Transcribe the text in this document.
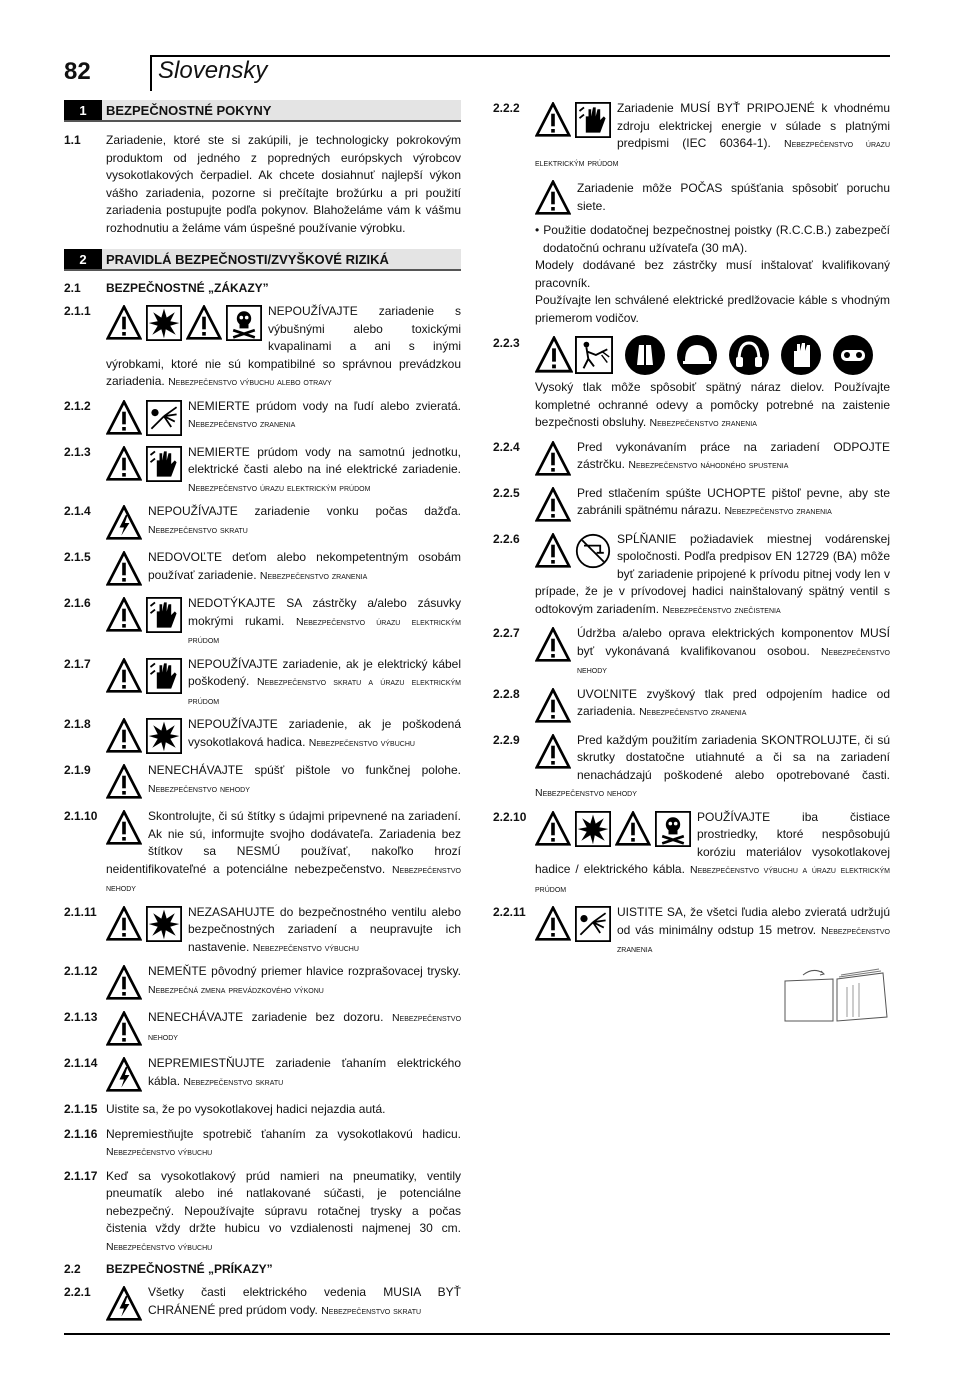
82	Slovensky
1	BEZPEČNOSTNÉ POKYNY
1.1	Zariadenie, ktoré ste si zakúpili, je technologicky pokrokovým produktom od jedného z popredných európskych výrobcov vysokotlakových čerpadiel. Ak chcete dosiahnuť najlepší výkon vášho zariadenia, pozorne si prečítajte brožúrku a pri použití zariadenia postupujte podľa pokynov. Blahoželáme vám k vášmu rozhodnutiu a želáme vám úspešné používanie výrobku.
2	PRAVIDLÁ BEZPEČNOSTI/ZVYŠKOVÉ RIZIKÁ
2.1	BEZPEČNOSTNÉ „ZÁKAZY”
2.1.1	NEPOUŽÍVAJTE zariadenie s výbušnými alebo toxickými kvapalinami a ani s inými výrobkami, ktoré nie sú kompatibilné so správnou prevádzkou zariadenia. Nebezpečenstvo výbuchu alebo otravy
2.1.2	NEMIERTE prúdom vody na ľudí alebo zvieratá. Nebezpečenstvo zranenia
2.1.3	NEMIERTE prúdom vody na samotnú jednotku, elektrické časti alebo na iné elektrické zariadenie. Nebezpečenstvo úrazu elektrickým prúdom
2.1.4	NEPOUŽÍVAJTE zariadenie vonku počas dažďa. Nebezpečenstvo skratu
2.1.5	NEDOVOĽTE deťom alebo nekompetentným osobám používať zariadenie. Nebezpečenstvo zranenia
2.1.6	NEDOTÝKAJTE SA zástrčky a/alebo zásuvky mokrými rukami. Nebezpečenstvo úrazu elektrickým prúdom
2.1.7	NEPOUŽÍVAJTE zariadenie, ak je elektrický kábel poškodený. Nebezpečenstvo skratu a úrazu elektrickým prúdom
2.1.8	NEPOUŽÍVAJTE zariadenie, ak je poškodená vysokotlaková hadica. Nebezpečenstvo výbuchu
2.1.9	NENECHÁVAJTE spúšť pištole vo funkčnej polohe. Nebezpečenstvo nehody
2.1.10	Skontrolujte, či sú štítky s údajmi pripevnené na zariadení. Ak nie sú, informujte svojho dodávateľa. Zariadenia bez štítkov sa NESMÚ používať, nakoľko hrozí neidentifikovateľné a potenciálne nebezpečenstvo. Nebezpečenstvo nehody
2.1.11	NEZASAHUJTE do bezpečnostného ventilu alebo bezpečnostných zariadení a neupravujte ich nastavenie. Nebezpečenstvo výbuchu
2.1.12	NEMEŇTE pôvodný priemer hlavice rozprašovacej trysky. Nebezpečná zmena prevádzkového výkonu
2.1.13	NENECHÁVAJTE zariadenie bez dozoru. Nebezpečenstvo nehody
2.1.14	NEPREMIESTŇUJTE zariadenie ťahaním elektrického kábla. Nebezpečenstvo skratu
2.1.15 Uistite sa, že po vysokotlakovej hadici nejazdia autá.
2.1.16 Nepremiestňujte spotrebič ťahaním za vysokotlakovú hadicu. Nebezpečenstvo výbuchu
2.1.17 Keď sa vysokotlakový prúd namieri na pneumatiky, ventily pneumatík alebo iné natlakované súčasti, je potenciálne nebezpečný. Nepoužívajte súpravu rotačnej trysky a počas čistenia vždy držte hubicu vo vzdialenosti najmenej 30 cm. Nebezpečenstvo výbuchu
2.2	BEZPEČNOSTNÉ „PRÍKAZY”
2.2.1	Všetky časti elektrického vedenia MUSIA BYŤ CHRÁNENÉ pred prúdom vody. Nebezpečenstvo skratu
2.2.2	Zariadenie MUSÍ BYŤ PRIPOJENÉ k vhodnému zdroju elektrickej energie v súlade s platnými predpismi (IEC 60364-1). Nebezpečenstvo úrazu elektrickým prúdom
Zariadenie môže POČAS spúšťania spôsobiť poruchu siete.
• Použitie dodatočnej bezpečnostnej poistky (R.C.C.B.) zabezpečí dodatočnú ochranu užívateľa (30 mA).
Modely dodávané bez zástrčky musí inštalovať kvalifikovaný pracovník.
Používajte len schválené elektrické predlžovacie káble s vhodným priemerom vodičov.
2.2.3
Vysoký tlak môže spôsobiť spätný náraz dielov. Používajte kompletné ochranné odevy a pomôcky potrebné na zaistenie bezpečnosti obsluhy. Nebezpečenstvo zranenia
2.2.4	Pred vykonávaním práce na zariadení ODPOJTE zástrčku. Nebezpečenstvo náhodného spustenia
2.2.5	Pred stlačením spúšte UCHOPTE pištoľ pevne, aby ste zabránili spätnému nárazu. Nebezpečenstvo zranenia
2.2.6	SPĹŇANIE požiadaviek miestnej vodárenskej spoločnosti. Podľa predpisov EN 12729 (BA) môže byť zariadenie pripojené k prívodu pitnej vody len v prípade, že je v prívodovej hadici nainštalovaný spätný ventil s odtokovým zariadením. Nebezpečenstvo znečistenia
2.2.7	Údržba a/alebo oprava elektrických komponentov MUSÍ byť vykonávaná kvalifikovanou osobou. Nebezpečenstvo nehody
2.2.8	UVOĽNITE zvyškový tlak pred odpojením hadice od zariadenia. Nebezpečenstvo zranenia
2.2.9	Pred každým použitím zariadenia SKONTROLUJTE, či sú skrutky dostatočne utiahnuté a či sa na zariadení nenachádzajú poškodené alebo opotrebované časti. Nebezpečenstvo nehody
2.2.10	POUŽÍVAJTE iba čistiace prostriedky, ktoré nespôsobujú koróziu materiálov vysokotlakovej hadice / elektrického kábla. Nebezpečenstvo výbuchu a úrazu elektrickým prúdom
2.2.11	UISTITE SA, že všetci ľudia alebo zvieratá udržujú od vás minimálny odstup 15 metrov. Nebezpečenstvo zranenia
